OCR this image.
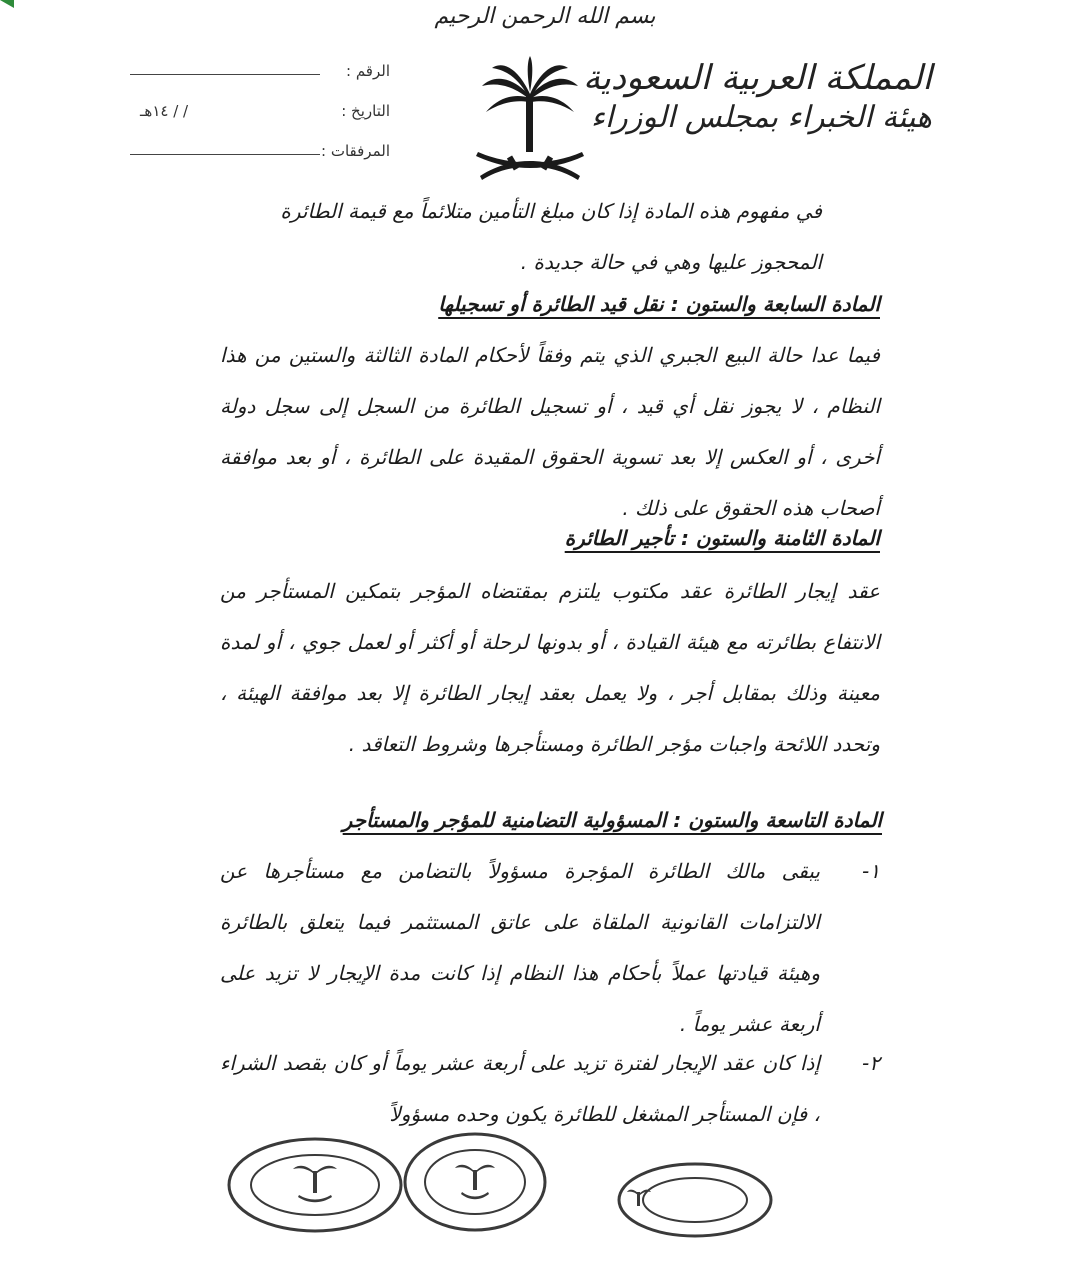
بسم الله الرحمن الرحيم
المملكة العربية السعودية
هيئة الخبراء بمجلس الوزراء
الرقم :
التاريخ :
/ / ١٤هـ
المرفقات :

في مفهوم هذه المادة إذا كان مبلغ التأمين متلائماً مع قيمة الطائرة المحجوز عليها وهي في حالة جديدة .

المادة السابعة والستون : نقل قيد الطائرة أو تسجيلها

فيما عدا حالة البيع الجبري الذي يتم وفقاً لأحكام المادة الثالثة والستين من هذا النظام ، لا يجوز نقل أي قيد ، أو تسجيل الطائرة من السجل إلى سجل دولة أخرى ، أو العكس إلا بعد تسوية الحقوق المقيدة على الطائرة ، أو بعد موافقة أصحاب هذه الحقوق على ذلك .

المادة الثامنة والستون : تأجير الطائرة

عقد إيجار الطائرة عقد مكتوب يلتزم بمقتضاه المؤجر بتمكين المستأجر من الانتفاع بطائرته مع هيئة القيادة ، أو بدونها لرحلة أو أكثر أو لعمل جوي ، أو لمدة معينة وذلك بمقابل أجر ، ولا يعمل بعقد إيجار الطائرة إلا بعد موافقة الهيئة ، وتحدد اللائحة واجبات مؤجر الطائرة ومستأجرها وشروط التعاقد .

المادة التاسعة والستون : المسؤولية التضامنية للمؤجر والمستأجر

١-

يبقى مالك الطائرة المؤجرة مسؤولاً بالتضامن مع مستأجرها عن الالتزامات القانونية الملقاة على عاتق المستثمر فيما يتعلق بالطائرة وهيئة قيادتها عملاً بأحكام هذا النظام إذا كانت مدة الإيجار لا تزيد على أربعة عشر يوماً .

٢-

إذا كان عقد الإيجار لفترة تزيد على أربعة عشر يوماً أو كان بقصد الشراء ، فإن المستأجر المشغل للطائرة يكون وحده مسؤولاً
